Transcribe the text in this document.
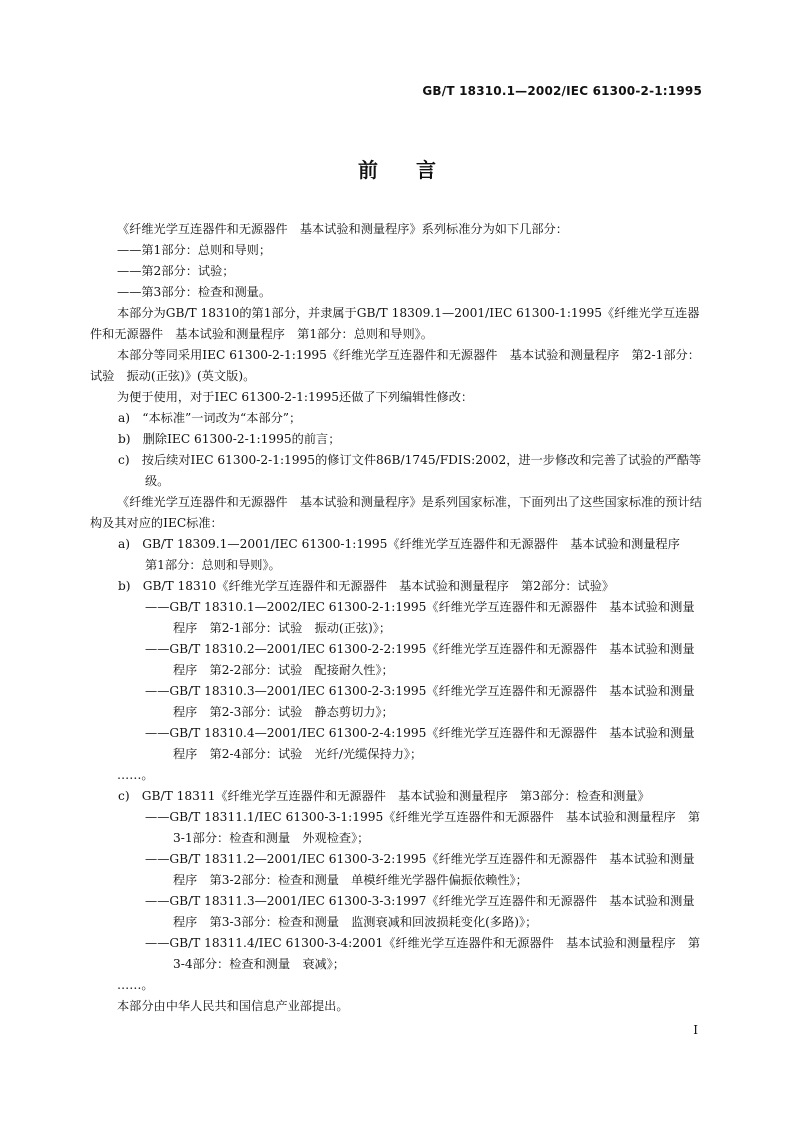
GB/T 18310.1—2002/IEC 61300-2-1:1995
前言

《纤维光学互连器件和无源器件　基本试验和测量程序》系列标准分为如下几部分：

——第1部分：总则和导则；

——第2部分：试验；

——第3部分：检查和测量。

本部分为GB/T 18310的第1部分，并隶属于GB/T 18309.1—2001/IEC 61300-1:1995《纤维光学互连器件和无源器件　基本试验和测量程序　第1部分：总则和导则》。

本部分等同采用IEC 61300-2-1:1995《纤维光学互连器件和无源器件　基本试验和测量程序　第2-1部分：试验　振动(正弦)》(英文版)。

为便于使用，对于IEC 61300-2-1:1995还做了下列编辑性修改：

a)　“本标准”一词改为“本部分”；

b)　删除IEC 61300-2-1:1995的前言；

c)　按后续对IEC 61300-2-1:1995的修订文件86B/1745/FDIS:2002，进一步修改和完善了试验的严酷等级。

《纤维光学互连器件和无源器件　基本试验和测量程序》是系列国家标准，下面列出了这些国家标准的预计结构及其对应的IEC标准：

a)　GB/T 18309.1—2001/IEC 61300-1:1995《纤维光学互连器件和无源器件　基本试验和测量程序　第1部分：总则和导则》。

b)　GB/T 18310《纤维光学互连器件和无源器件　基本试验和测量程序　第2部分：试验》

——GB/T 18310.1—2002/IEC 61300-2-1:1995《纤维光学互连器件和无源器件　基本试验和测量程序　第2-1部分：试验　振动(正弦)》；

——GB/T 18310.2—2001/IEC 61300-2-2:1995《纤维光学互连器件和无源器件　基本试验和测量程序　第2-2部分：试验　配接耐久性》；

——GB/T 18310.3—2001/IEC 61300-2-3:1995《纤维光学互连器件和无源器件　基本试验和测量程序　第2-3部分：试验　静态剪切力》；

——GB/T 18310.4—2001/IEC 61300-2-4:1995《纤维光学互连器件和无源器件　基本试验和测量程序　第2-4部分：试验　光纤/光缆保持力》；

……。

c)　GB/T 18311《纤维光学互连器件和无源器件　基本试验和测量程序　第3部分：检查和测量》

——GB/T 18311.1/IEC 61300-3-1:1995《纤维光学互连器件和无源器件　基本试验和测量程序　第3-1部分：检查和测量　外观检查》；

——GB/T 18311.2—2001/IEC 61300-3-2:1995《纤维光学互连器件和无源器件　基本试验和测量程序　第3-2部分：检查和测量　单模纤维光学器件偏振依赖性》；

——GB/T 18311.3—2001/IEC 61300-3-3:1997《纤维光学互连器件和无源器件　基本试验和测量程序　第3-3部分：检查和测量　监测衰减和回波损耗变化(多路)》；

——GB/T 18311.4/IEC 61300-3-4:2001《纤维光学互连器件和无源器件　基本试验和测量程序　第3-4部分：检查和测量　衰减》；

……。

本部分由中华人民共和国信息产业部提出。

I
